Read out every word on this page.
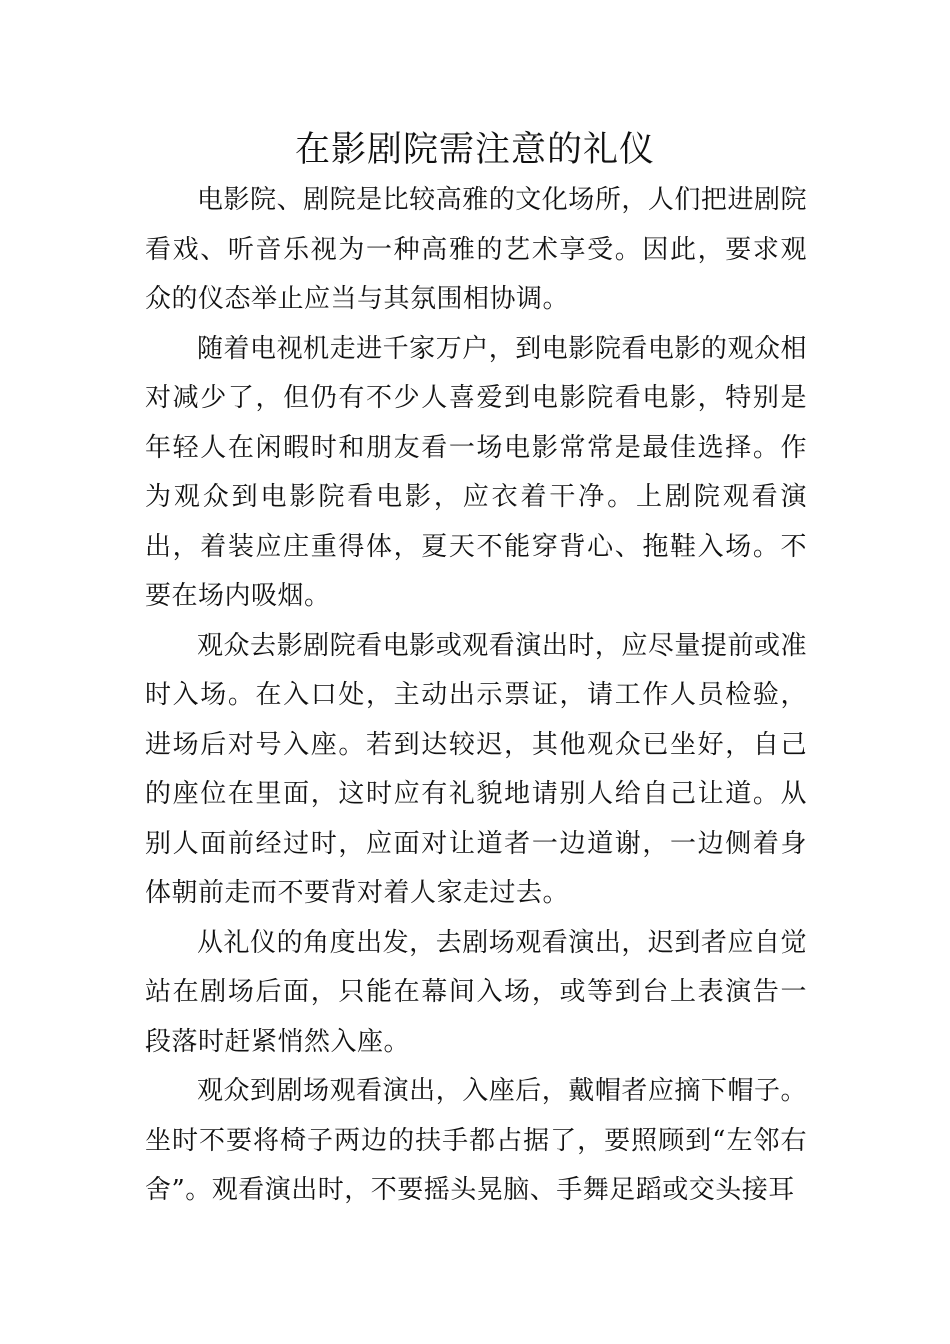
在影剧院需注意的礼仪

电影院、剧院是比较高雅的文化场所，人们把进剧院看戏、听音乐视为一种高雅的艺术享受。因此，要求观众的仪态举止应当与其氛围相协调。

随着电视机走进千家万户，到电影院看电影的观众相对减少了，但仍有不少人喜爱到电影院看电影，特别是年轻人在闲暇时和朋友看一场电影常常是最佳选择。作为观众到电影院看电影，应衣着干净。上剧院观看演出，着装应庄重得体，夏天不能穿背心、拖鞋入场。不要在场内吸烟。

观众去影剧院看电影或观看演出时，应尽量提前或准时入场。在入口处，主动出示票证，请工作人员检验，进场后对号入座。若到达较迟，其他观众已坐好，自己的座位在里面，这时应有礼貌地请别人给自己让道。从别人面前经过时，应面对让道者一边道谢，一边侧着身体朝前走而不要背对着人家走过去。

从礼仪的角度出发，去剧场观看演出，迟到者应自觉站在剧场后面，只能在幕间入场，或等到台上表演告一段落时赶紧悄然入座。

观众到剧场观看演出，入座后，戴帽者应摘下帽子。坐时不要将椅子两边的扶手都占据了，要照顾到“左邻右舍”。观看演出时，不要摇头晃脑、手舞足蹈或交头接耳
